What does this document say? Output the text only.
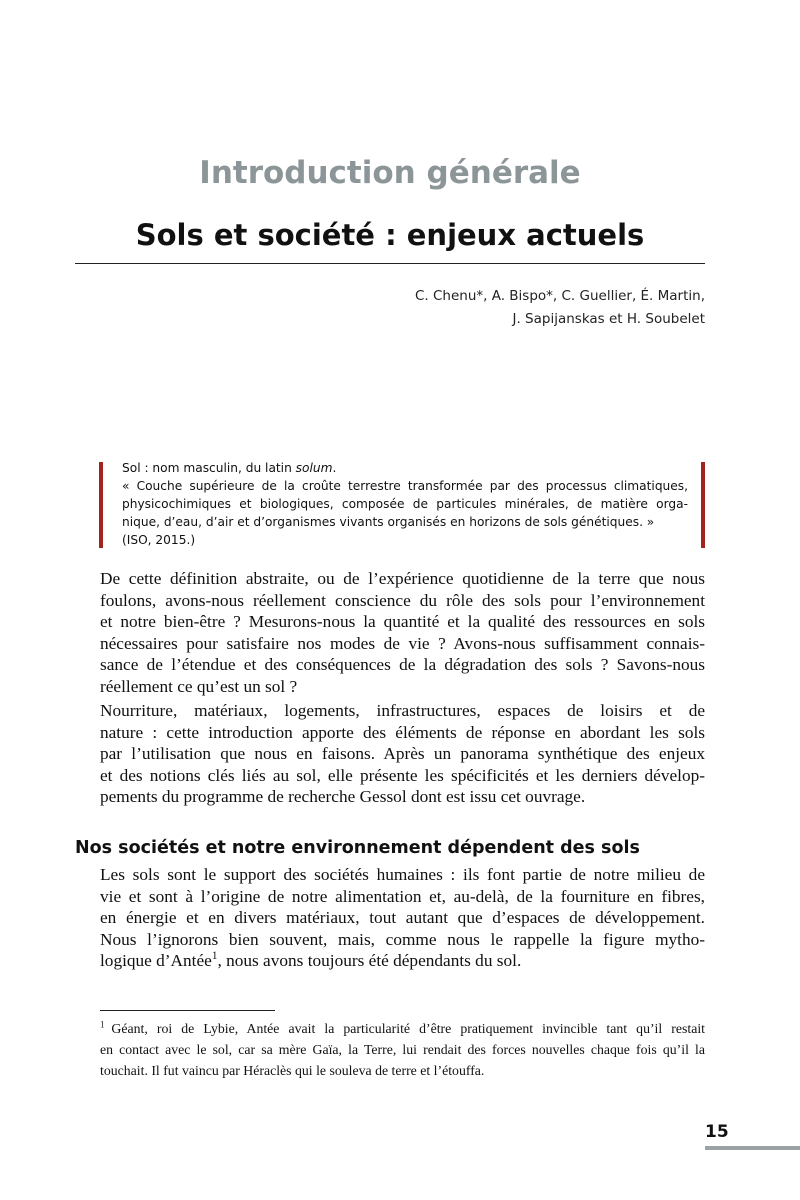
Introduction générale
Sols et société : enjeux actuels
C. Chenu*, A. Bispo*, C. Guellier, É. Martin,
J. Sapijanskas et H. Soubelet
Sol : nom masculin, du latin solum.
« Couche supérieure de la croûte terrestre transformée par des processus climatiques,
physicochimiques et biologiques, composée de particules minérales, de matière orga-
nique, d’eau, d’air et d’organismes vivants organisés en horizons de sols génétiques. »
(ISO, 2015.)
De cette définition abstraite, ou de l’expérience quotidienne de la terre que nous
foulons, avons-nous réellement conscience du rôle des sols pour l’environnement
et notre bien-être ? Mesurons-nous la quantité et la qualité des ressources en sols
nécessaires pour satisfaire nos modes de vie ? Avons-nous suffisamment connais-
sance de l’étendue et des conséquences de la dégradation des sols ? Savons-nous
réellement ce qu’est un sol ?
Nourriture, matériaux, logements, infrastructures, espaces de loisirs et de
nature : cette introduction apporte des éléments de réponse en abordant les sols
par l’utilisation que nous en faisons. Après un panorama synthétique des enjeux
et des notions clés liés au sol, elle présente les spécificités et les derniers dévelop-
pements du programme de recherche Gessol dont est issu cet ouvrage.
Nos sociétés et notre environnement dépendent des sols
Les sols sont le support des sociétés humaines : ils font partie de notre milieu de
vie et sont à l’origine de notre alimentation et, au-delà, de la fourniture en fibres,
en énergie et en divers matériaux, tout autant que d’espaces de développement.
Nous l’ignorons bien souvent, mais, comme nous le rappelle la figure mytho-
logique d’Antée$^1$, nous avons toujours été dépendants du sol.
$^1$  Géant, roi de Lybie, Antée avait la particularité d’être pratiquement invincible tant qu’il restait
en contact avec le sol, car sa mère Gaïa, la Terre, lui rendait des forces nouvelles chaque fois qu’il la
touchait. Il fut vaincu par Héraclès qui le souleva de terre et l’étouffa.
15
